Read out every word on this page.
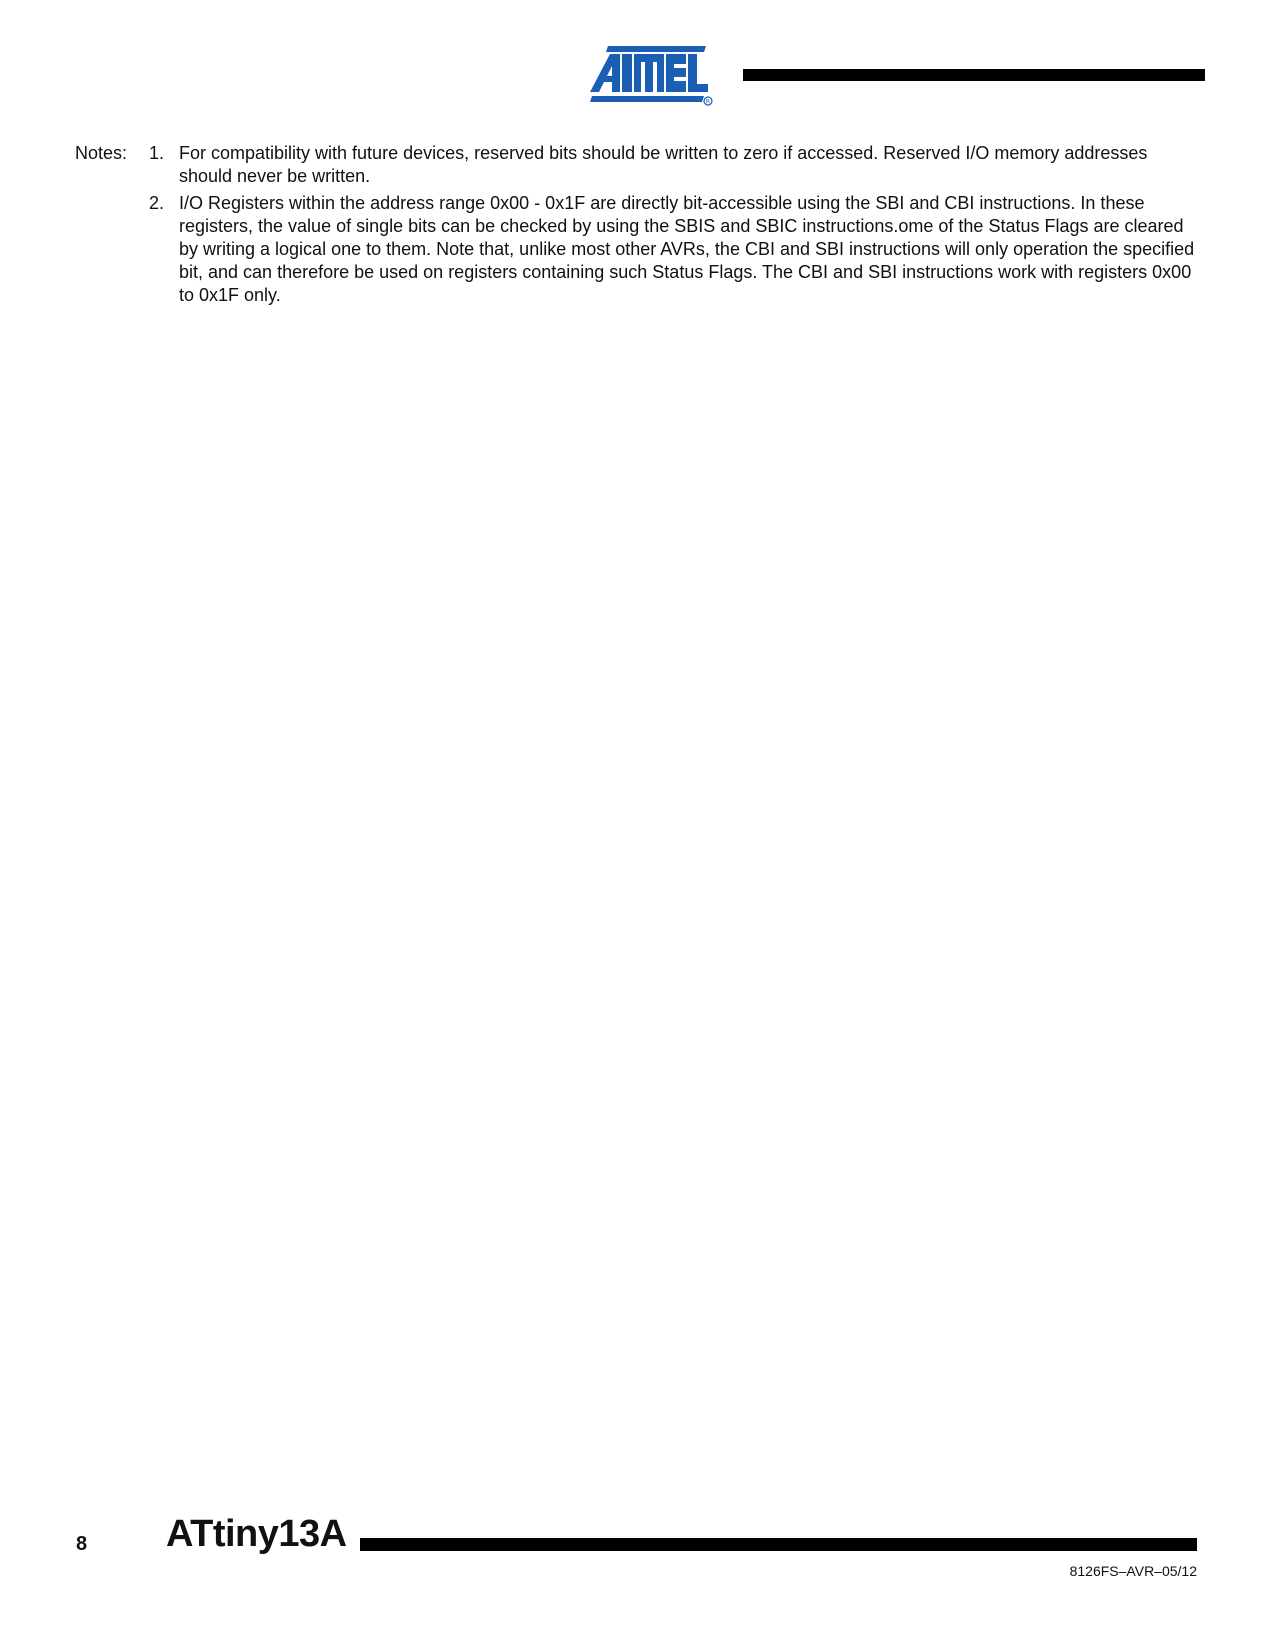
R
Notes: 1. For compatibility with future devices, reserved bits should be written to zero if accessed. Reserved I/O memory addresses should never be written.
2. I/O Registers within the address range 0x00 - 0x1F are directly bit-accessible using the SBI and CBI instructions. In these registers, the value of single bits can be checked by using the SBIS and SBIC instructions.ome of the Status Flags are cleared by writing a logical one to them. Note that, unlike most other AVRs, the CBI and SBI instructions will only operation the specified bit, and can therefore be used on registers containing such Status Flags. The CBI and SBI instructions work with registers 0x00 to 0x1F only.
8 ATtiny13A
8126FS–AVR–05/12
